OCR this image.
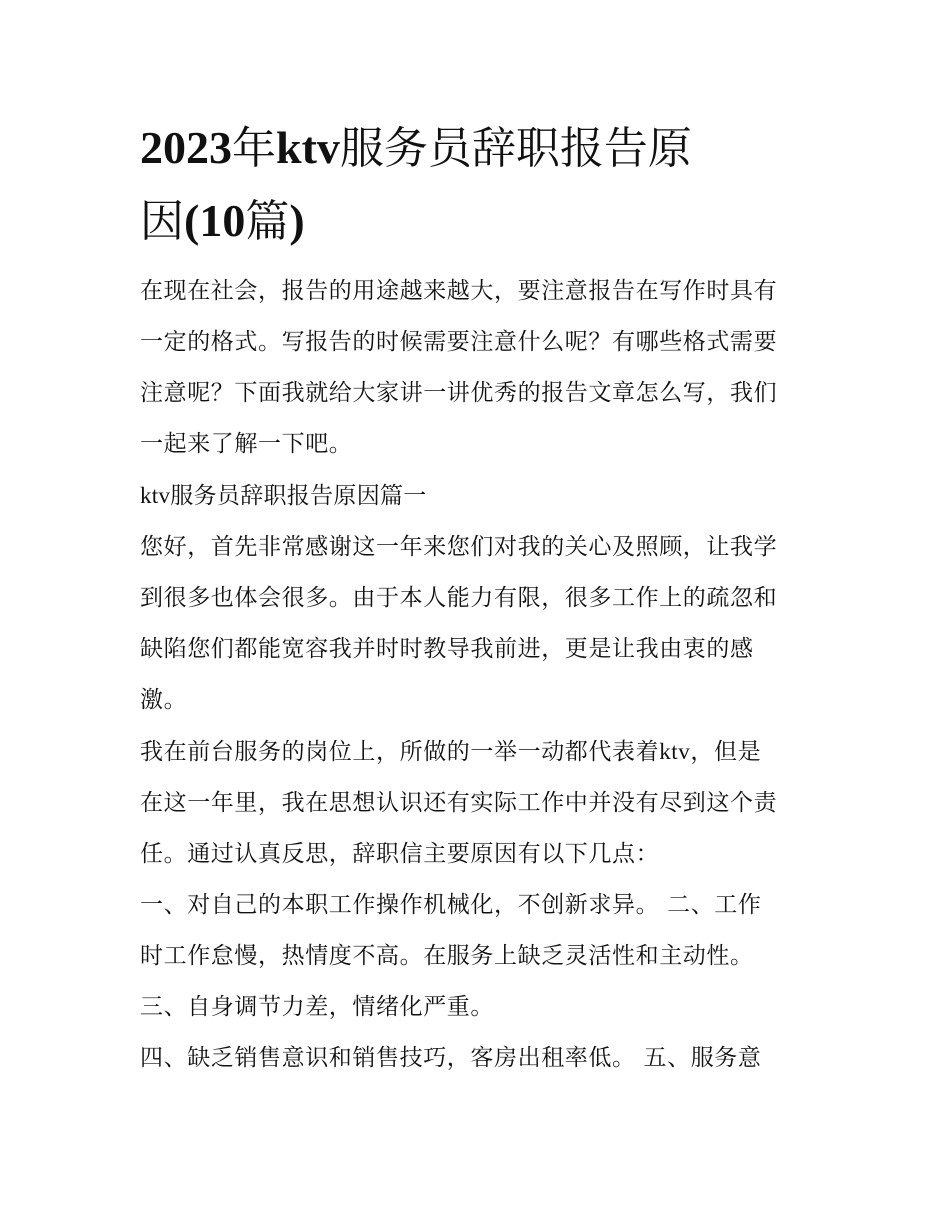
2023年ktv服务员辞职报告原
因(10篇)

在现在社会，报告的用途越来越大，要注意报告在写作时具有

一定的格式。写报告的时候需要注意什么呢？有哪些格式需要

注意呢？下面我就给大家讲一讲优秀的报告文章怎么写，我们

一起来了解一下吧。

ktv服务员辞职报告原因篇一

您好，首先非常感谢这一年来您们对我的关心及照顾，让我学

到很多也体会很多。由于本人能力有限，很多工作上的疏忽和

缺陷您们都能宽容我并时时教导我前进，更是让我由衷的感

激。

我在前台服务的岗位上，所做的一举一动都代表着ktv，但是

在这一年里，我在思想认识还有实际工作中并没有尽到这个责

任。通过认真反思，辞职信主要原因有以下几点：

一、对自己的本职工作操作机械化，不创新求异。 二、工作

时工作怠慢，热情度不高。在服务上缺乏灵活性和主动性。

三、自身调节力差，情绪化严重。

四、缺乏销售意识和销售技巧，客房出租率低。 五、服务意
